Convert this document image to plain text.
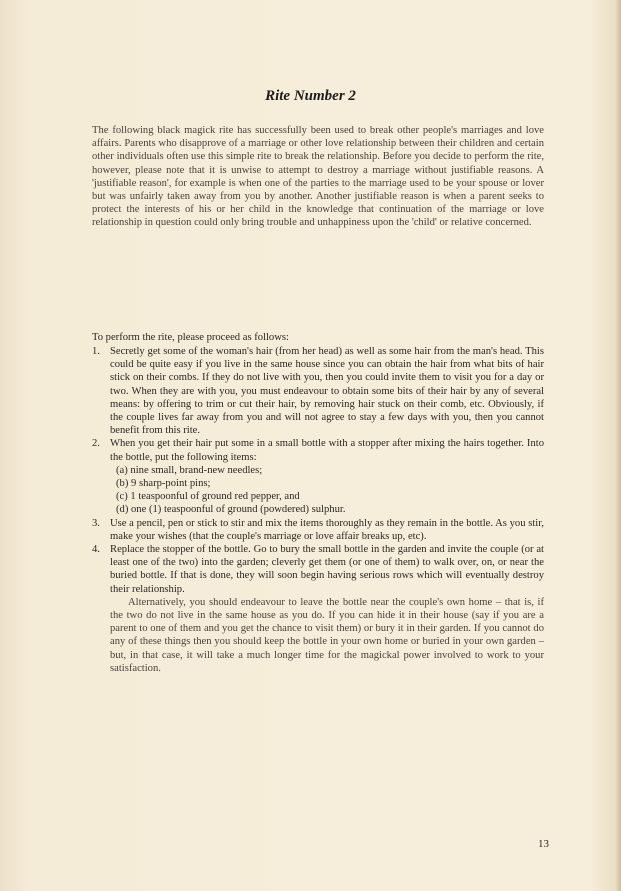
Rite Number 2

The following black magick rite has successfully been used to break other people's marriages and love affairs. Parents who disapprove of a marriage or other love relationship between their children and certain other individuals often use this simple rite to break the relationship. Before you decide to perform the rite, however, please note that it is unwise to attempt to destroy a marriage without justifiable reasons. A 'justifiable reason', for example is when one of the parties to the marriage used to be your spouse or lover but was unfairly taken away from you by another. Another justifiable reason is when a parent seeks to protect the interests of his or her child in the knowledge that continuation of the marriage or love relationship in question could only bring trouble and unhappiness upon the 'child' or relative concerned.

To perform the rite, please proceed as follows:
1. Secretly get some of the woman's hair (from her head) as well as some hair from the man's head. This could be quite easy if you live in the same house since you can obtain the hair from what bits of hair stick on their combs. If they do not live with you, then you could invite them to visit you for a day or two. When they are with you, you must endeavour to obtain some bits of their hair by any of several means: by offering to trim or cut their hair, by removing hair stuck on their comb, etc. Obviously, if the couple lives far away from you and will not agree to stay a few days with you, then you cannot benefit from this rite.
2. When you get their hair put some in a small bottle with a stopper after mixing the hairs together. Into the bottle, put the following items:
(a) nine small, brand-new needles;
(b) 9 sharp-point pins;
(c) 1 teaspoonful of ground red pepper, and
(d) one (1) teaspoonful of ground (powdered) sulphur.
3. Use a pencil, pen or stick to stir and mix the items thoroughly as they remain in the bottle. As you stir, make your wishes (that the couple's marriage or love affair breaks up, etc).
4. Replace the stopper of the bottle. Go to bury the small bottle in the garden and invite the couple (or at least one of the two) into the garden; cleverly get them (or one of them) to walk over, on, or near the buried bottle. If that is done, they will soon begin having serious rows which will eventually destroy their relationship.

Alternatively, you should endeavour to leave the bottle near the couple's own home – that is, if the two do not live in the same house as you do. If you can hide it in their house (say if you are a parent to one of them and you get the chance to visit them) or bury it in their garden. If you cannot do any of these things then you should keep the bottle in your own home or buried in your own garden – but, in that case, it will take a much longer time for the magickal power involved to work to your satisfaction.

13
